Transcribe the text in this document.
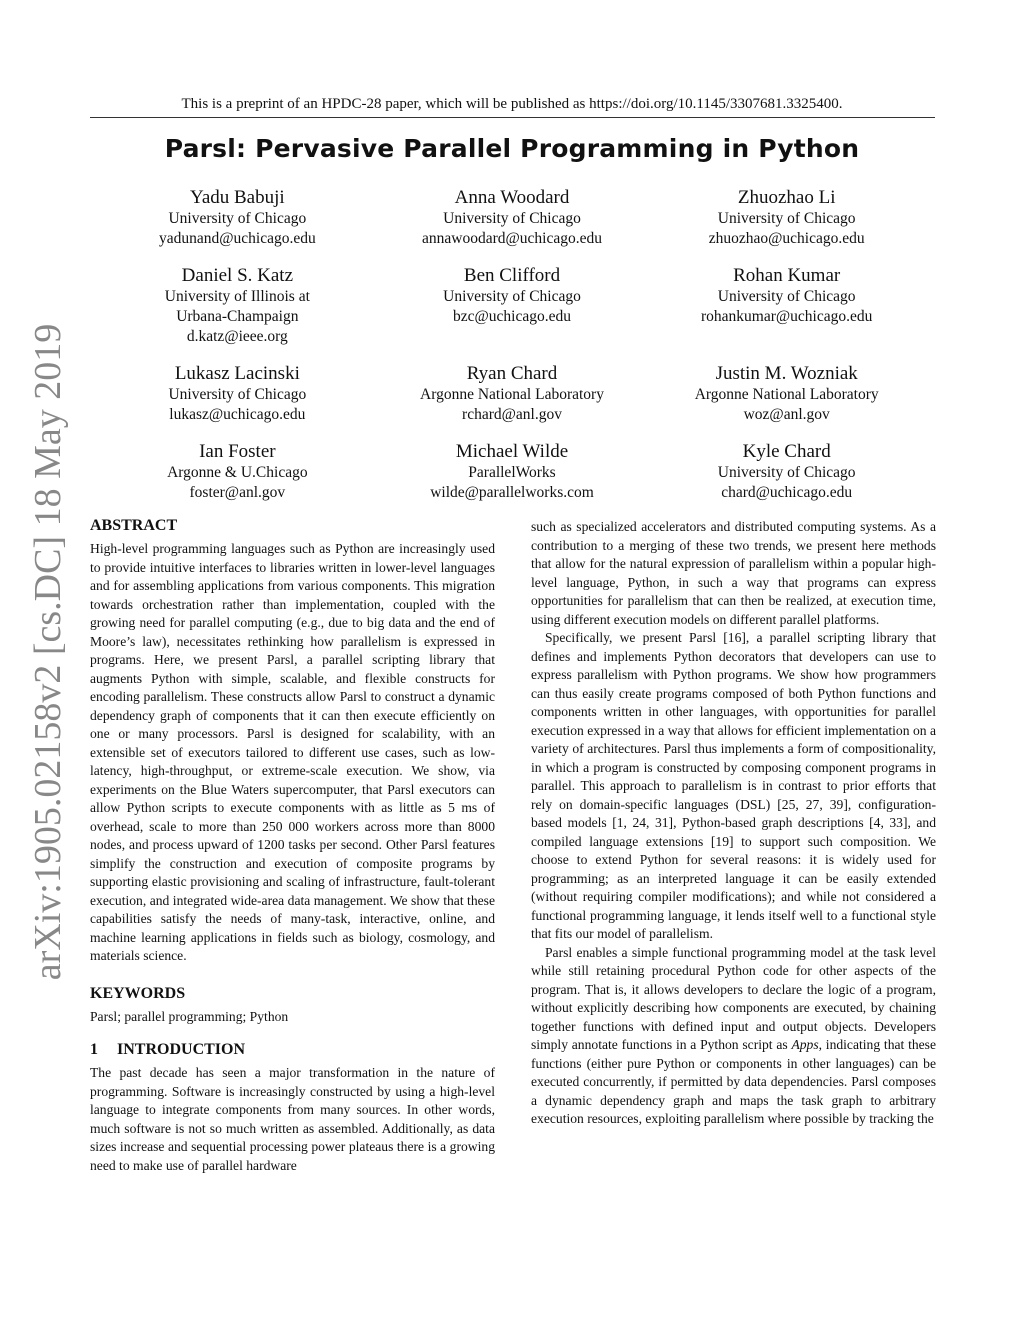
This is a preprint of an HPDC-28 paper, which will be published as https://doi.org/10.1145/3307681.3325400.
Parsl: Pervasive Parallel Programming in Python
arXiv:1905.02158v2 [cs.DC] 18 May 2019
Yadu Babuji
University of Chicago
yadunand@uchicago.edu
Anna Woodard
University of Chicago
annawoodard@uchicago.edu
Zhuozhao Li
University of Chicago
zhuozhao@uchicago.edu
Daniel S. Katz
University of Illinois at
Urbana-Champaign
d.katz@ieee.org
Ben Clifford
University of Chicago
bzc@uchicago.edu
Rohan Kumar
University of Chicago
rohankumar@uchicago.edu
Lukasz Lacinski
University of Chicago
lukasz@uchicago.edu
Ryan Chard
Argonne National Laboratory
rchard@anl.gov
Justin M. Wozniak
Argonne National Laboratory
woz@anl.gov
Ian Foster
Argonne & U.Chicago
foster@anl.gov
Michael Wilde
ParallelWorks
wilde@parallelworks.com
Kyle Chard
University of Chicago
chard@uchicago.edu
ABSTRACT

High-level programming languages such as Python are increasingly used to provide intuitive interfaces to libraries written in lower-level languages and for assembling applications from various components. This migration towards orchestration rather than implementation, coupled with the growing need for parallel computing (e.g., due to big data and the end of Moore’s law), necessitates rethinking how parallelism is expressed in programs. Here, we present Parsl, a parallel scripting library that augments Python with simple, scalable, and flexible constructs for encoding parallelism. These constructs allow Parsl to construct a dynamic dependency graph of components that it can then execute efficiently on one or many processors. Parsl is designed for scalability, with an extensible set of executors tailored to different use cases, such as low-latency, high-throughput, or extreme-scale execution. We show, via experiments on the Blue Waters supercomputer, that Parsl executors can allow Python scripts to execute components with as little as 5 ms of overhead, scale to more than 250 000 workers across more than 8000 nodes, and process upward of 1200 tasks per second. Other Parsl features simplify the construction and execution of composite programs by supporting elastic provisioning and scaling of infrastructure, fault-tolerant execution, and integrated wide-area data management. We show that these capabilities satisfy the needs of many-task, interactive, online, and machine learning applications in fields such as biology, cosmology, and materials science.

KEYWORDS

Parsl; parallel programming; Python

1 INTRODUCTION

The past decade has seen a major transformation in the nature of programming. Software is increasingly constructed by using a high-level language to integrate components from many sources. In other words, much software is not so much written as assembled. Additionally, as data sizes increase and sequential processing power plateaus there is a growing need to make use of parallel hardware

such as specialized accelerators and distributed computing systems. As a contribution to a merging of these two trends, we present here methods that allow for the natural expression of parallelism within a popular high-level language, Python, in such a way that programs can express opportunities for parallelism that can then be realized, at execution time, using different execution models on different parallel platforms.

Specifically, we present Parsl [16], a parallel scripting library that defines and implements Python decorators that developers can use to express parallelism with Python programs. We show how programmers can thus easily create programs composed of both Python functions and components written in other languages, with opportunities for parallel execution expressed in a way that allows for efficient implementation on a variety of architectures. Parsl thus implements a form of compositionality, in which a program is constructed by composing component programs in parallel. This approach to parallelism is in contrast to prior efforts that rely on domain-specific languages (DSL) [25, 27, 39], configuration-based models [1, 24, 31], Python-based graph descriptions [4, 33], and compiled language extensions [19] to support such composition. We choose to extend Python for several reasons: it is widely used for programming; as an interpreted language it can be easily extended (without requiring compiler modifications); and while not considered a functional programming language, it lends itself well to a functional style that fits our model of parallelism.

Parsl enables a simple functional programming model at the task level while still retaining procedural Python code for other aspects of the program. That is, it allows developers to declare the logic of a program, without explicitly describing how components are executed, by chaining together functions with defined input and output objects. Developers simply annotate functions in a Python script as Apps, indicating that these functions (either pure Python or components in other languages) can be executed concurrently, if permitted by data dependencies. Parsl composes a dynamic dependency graph and maps the task graph to arbitrary execution resources, exploiting parallelism where possible by tracking the
